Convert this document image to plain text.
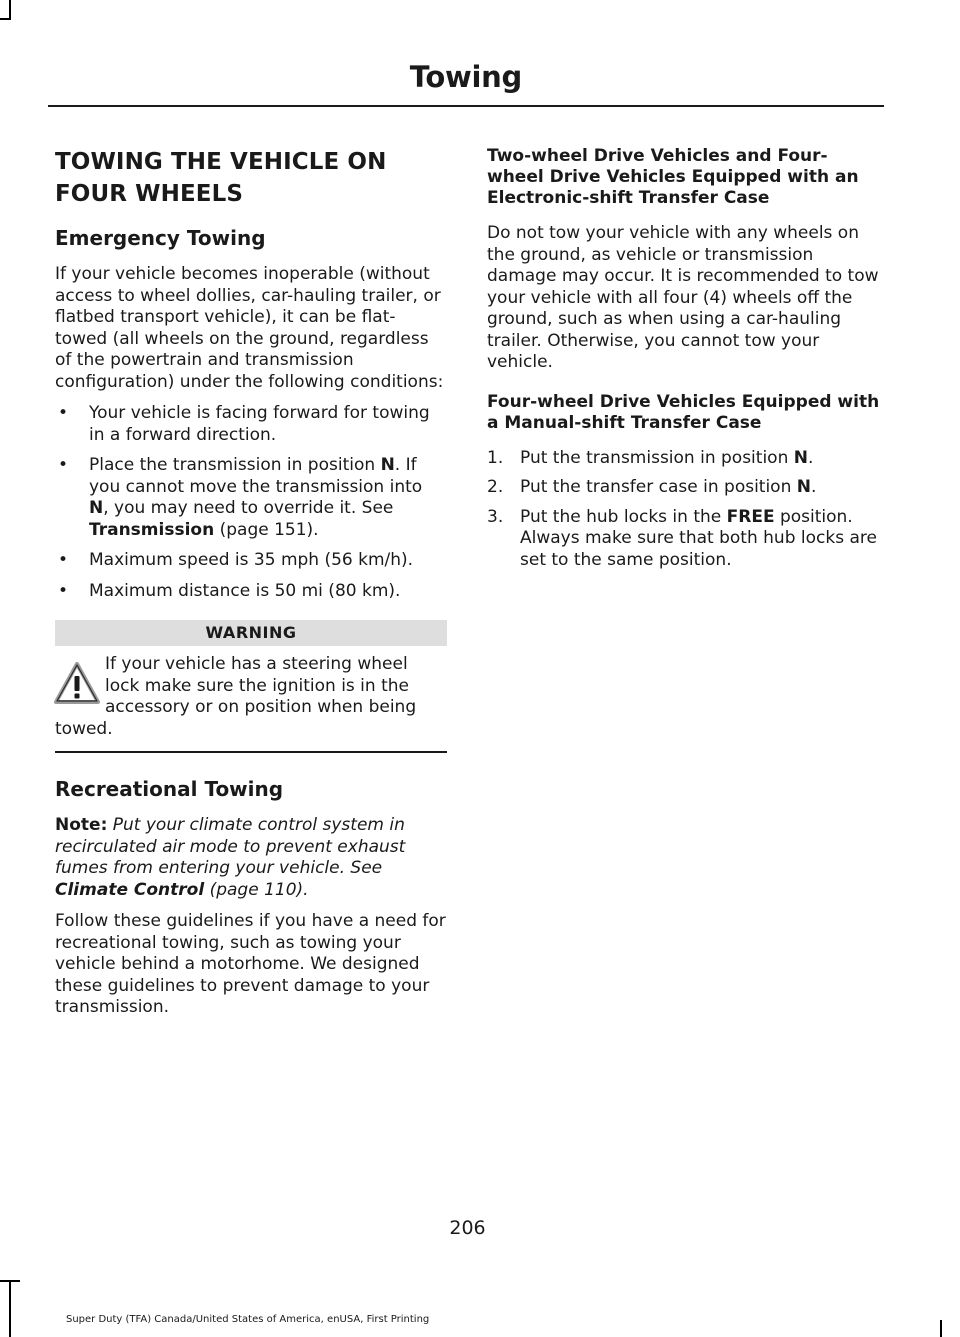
Towing
TOWING THE VEHICLE ON
FOUR WHEELS
Emergency Towing

If your vehicle becomes inoperable (without access to wheel dollies, car-hauling trailer, or flatbed transport vehicle), it can be flat-towed (all wheels on the ground, regardless of the powertrain and transmission configuration) under the following conditions:

• Your vehicle is facing forward for towing in a forward direction.
• Place the transmission in position N. If you cannot move the transmission into N, you may need to override it. See Transmission (page 151).
• Maximum speed is 35 mph (56 km/h).
• Maximum distance is 50 mi (80 km).
WARNING
If your vehicle has a steering wheel lock make sure the ignition is in the accessory or on position when being towed.
Recreational Towing

Note: Put your climate control system in recirculated air mode to prevent exhaust fumes from entering your vehicle. See Climate Control (page 110).

Follow these guidelines if you have a need for recreational towing, such as towing your vehicle behind a motorhome. We designed these guidelines to prevent damage to your transmission.

Two-wheel Drive Vehicles and Four-wheel Drive Vehicles Equipped with an Electronic-shift Transfer Case

Do not tow your vehicle with any wheels on the ground, as vehicle or transmission damage may occur. It is recommended to tow your vehicle with all four (4) wheels off the ground, such as when using a car-hauling trailer. Otherwise, you cannot tow your vehicle.

Four-wheel Drive Vehicles Equipped with a Manual-shift Transfer Case
1. Put the transmission in position N.
2. Put the transfer case in position N.
3. Put the hub locks in the FREE position. Always make sure that both hub locks are set to the same position.
206
Super Duty (TFA) Canada/United States of America, enUSA, First Printing
